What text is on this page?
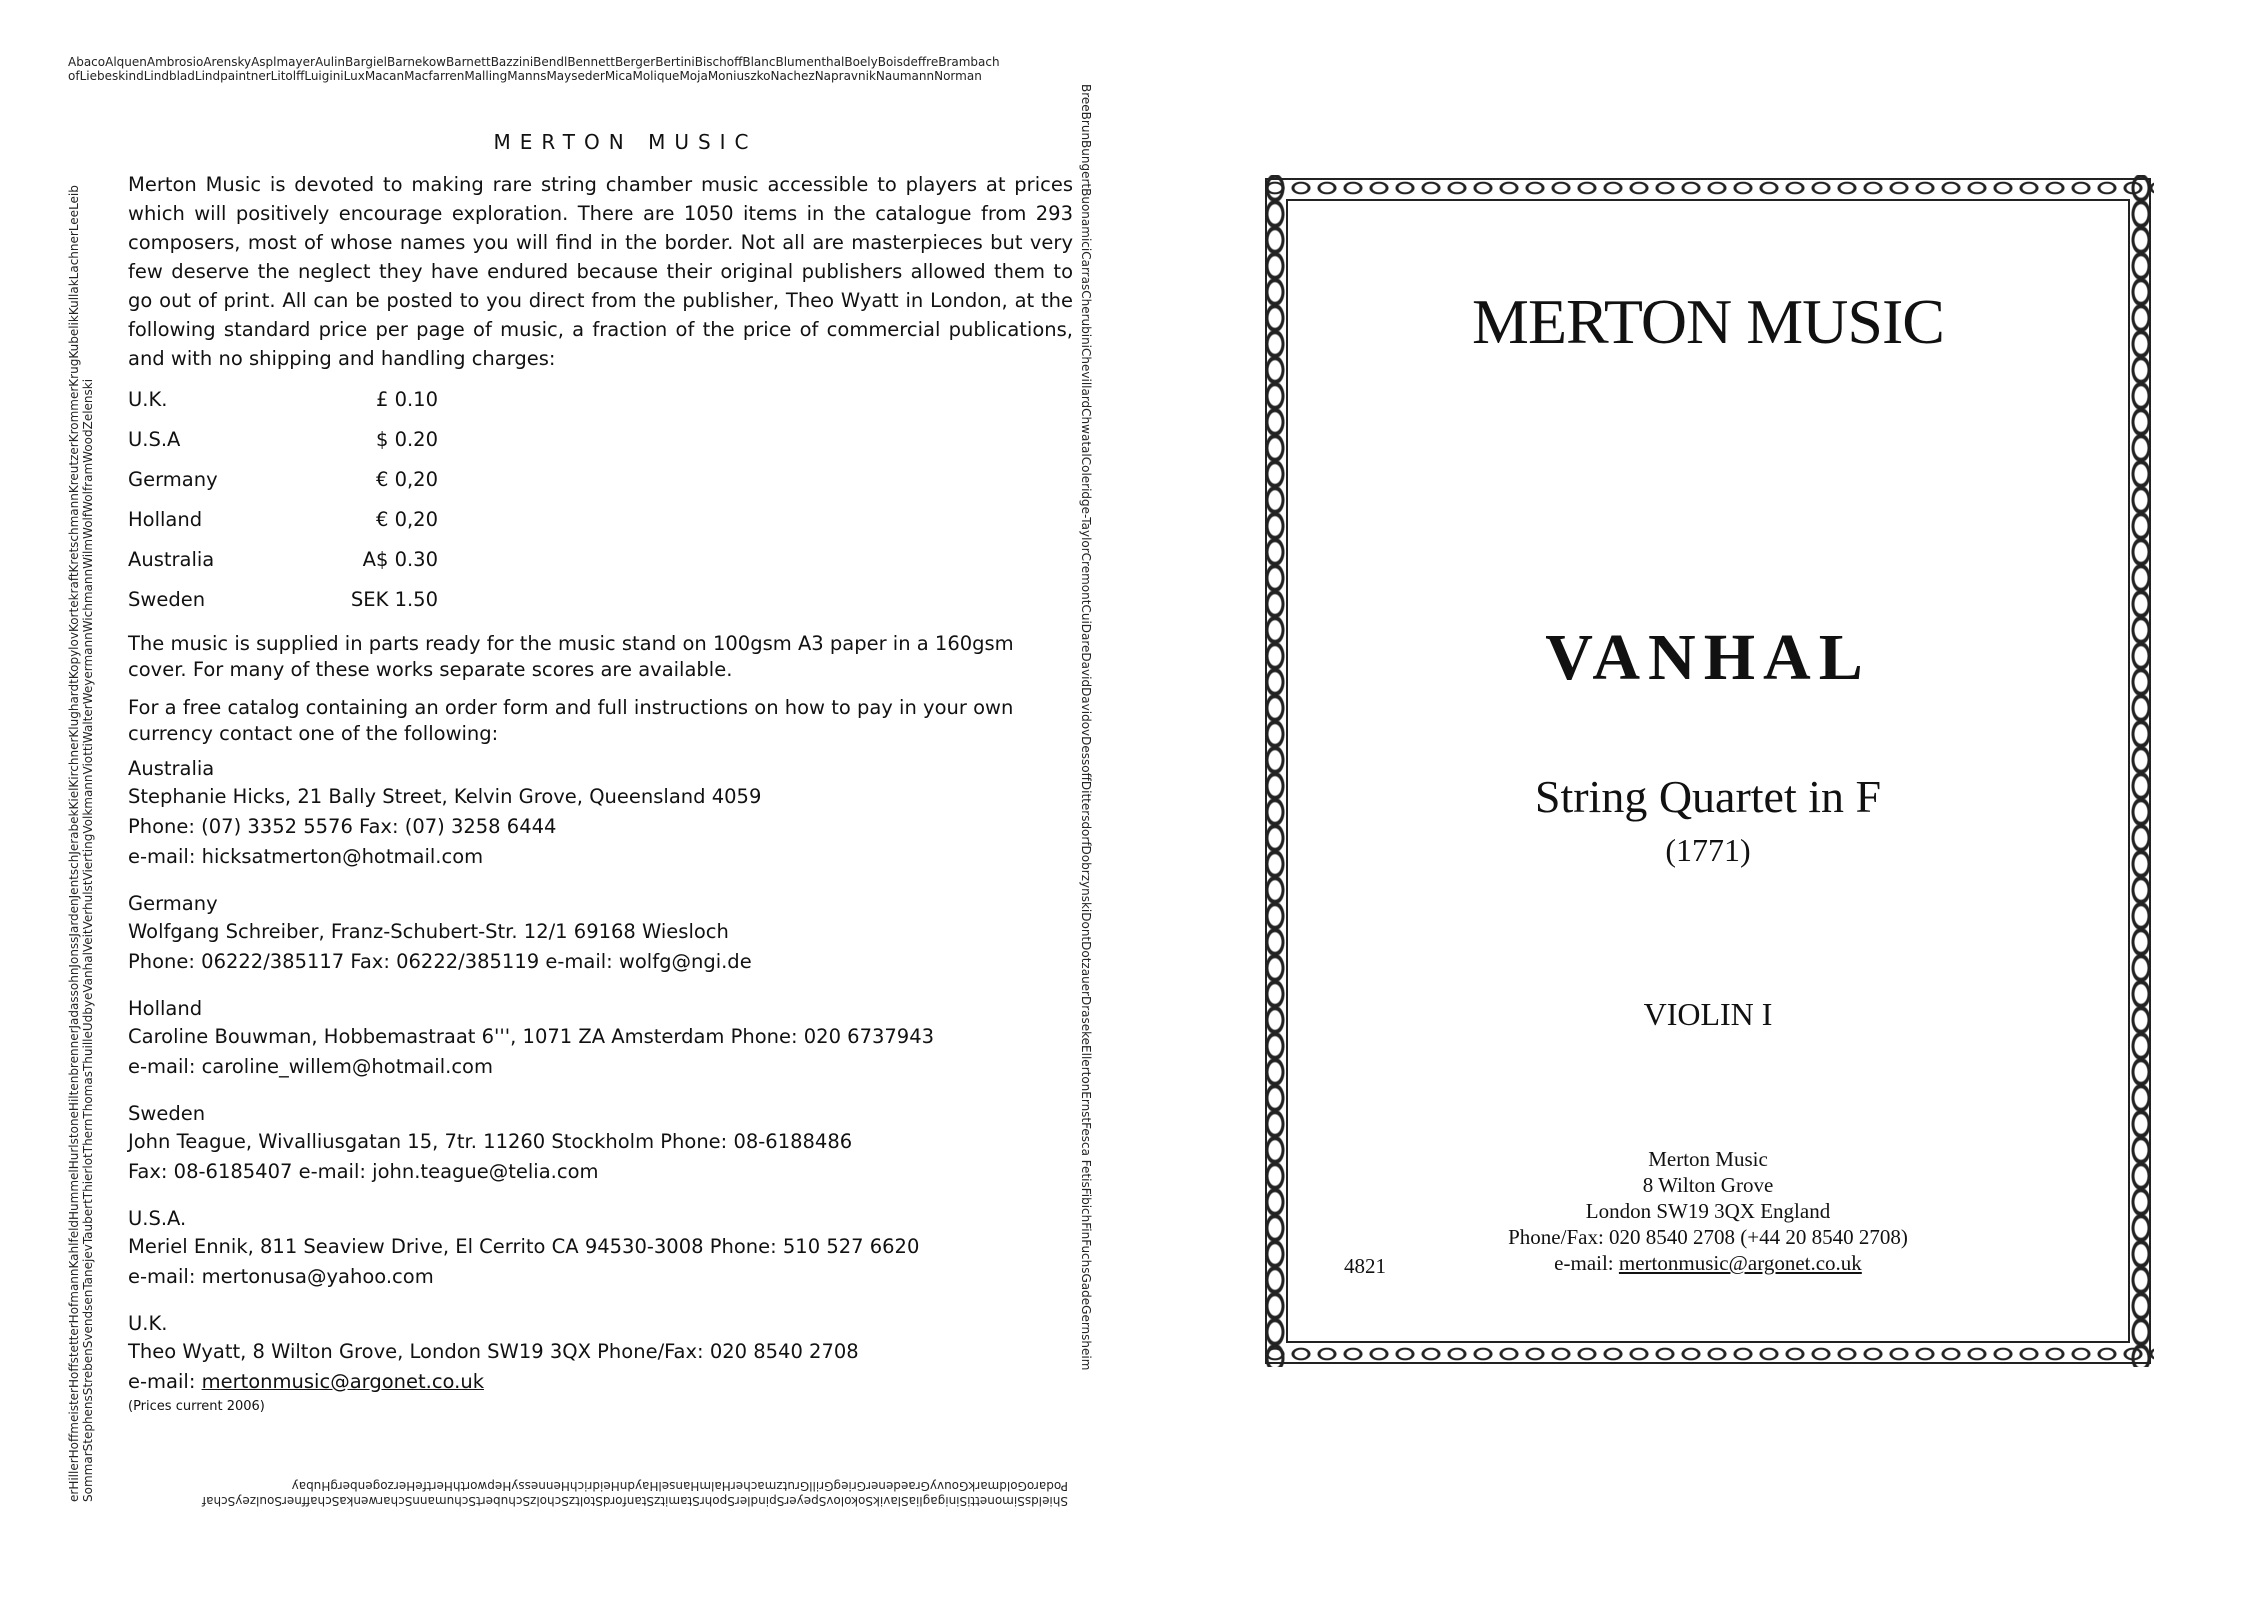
AbacoAlquenAmbrosioArenskyAsplmayerAulinBargielBarnekowBarnettBazziniBendlBennettBergerBertiniBischoffBlancBlumenthalBoelyBoisdeffreBrambach
ofLiebeskindLindbladLindpaintnerLitolffLuiginiLuxMacanMacfarrenMallingMannsMaysederMicaMoliqueMojaMoniuszkoNachezNapravnikNaumannNorman
BreeBrunBungertBuonamiciCarrasCherubiniChevillardChwatalColeridge-TaylorCremontCuiDareDavidDavidovDessoffDittersdorfDobrzynskiDontDotzauerDrasekeEllertonErnstFesca FetisFibichFinFuchsGadeGernsheim
erHillerHoffmeisterHoffstetterHofmannKahlfeldHummelHurlstoneHiltenbrennerJadassohnJonssJardenJentschJerabekKielKirchnerKlughardtKopylovKortekraftKretschmannKreutzerKrommerKrugKubelikKullakLachnerLeeLeib SommarStephensStrebenSvendsenTanejevTaubertThierlotThernThomasThuilleUdbyeVanhalVeitVerhulstViertingVolkmannViottiWalterWeyermannWichmannWilmWolfWolframWoodZelenski	PodaroGoldmarkGouvyGraedenerGriegGrillGrutzmacherHalmHanselHaydnHeidrichHennessyHepworthHertfeHerzogenbergHubay
ShieldsSimonettiSinigagliaSlavikSokolovSpeyerSpindlerSpohrStamitzStanfordStoltzScholzSchubertSchumannScharwenkaSchaffnerSoulzeySchaf
MERTON MUSIC

Merton Music is devoted to making rare string chamber music accessible to players at prices which will positively encourage exploration. There are 1050 items in the catalogue from 293 composers, most of whose names you will find in the border. Not all are masterpieces but very few deserve the neglect they have endured because their original publishers allowed them to go out of print. All can be posted to you direct from the publisher, Theo Wyatt in London, at the following standard price per page of music, a fraction of the price of commercial publications, and with no shipping and handling charges:

U.K.	£ 0.10
U.S.A	$ 0.20
Germany	€ 0,20
Holland	€ 0,20
Australia	A$ 0.30
Sweden	SEK 1.50

The music is supplied in parts ready for the music stand on 100gsm A3 paper in a 160gsm cover. For many of these works separate scores are available.

For a free catalog containing an order form and full instructions on how to pay in your own currency contact one of the following:

Australia
Stephanie Hicks, 21 Bally Street, Kelvin Grove, Queensland 4059
Phone: (07) 3352 5576 Fax: (07) 3258 6444
e-mail: hicksatmerton@hotmail.com
Germany
Wolfgang Schreiber, Franz-Schubert-Str. 12/1 69168 Wiesloch
Phone: 06222/385117 Fax: 06222/385119 e-mail: wolfg@ngi.de
Holland
Caroline Bouwman, Hobbemastraat 6''', 1071 ZA Amsterdam Phone: 020 6737943
e-mail: caroline_willem@hotmail.com
Sweden
John Teague, Wivalliusgatan 15, 7tr. 11260 Stockholm Phone: 08-6188486
Fax: 08-6185407 e-mail: john.teague@telia.com
U.S.A.
Meriel Ennik, 811 Seaview Drive, El Cerrito CA 94530-3008 Phone: 510 527 6620
e-mail: mertonusa@yahoo.com
U.K.
Theo Wyatt, 8 Wilton Grove, London SW19 3QX Phone/Fax: 020 8540 2708
e-mail: mertonmusic@argonet.co.uk
(Prices current 2006)
MERTON MUSIC
VANHAL
String Quartet in F
(1771)
VIOLIN I
Merton Music
8 Wilton Grove
London SW19 3QX England
Phone/Fax: 020 8540 2708 (+44 20 8540 2708)
e-mail: mertonmusic@argonet.co.uk
4821
